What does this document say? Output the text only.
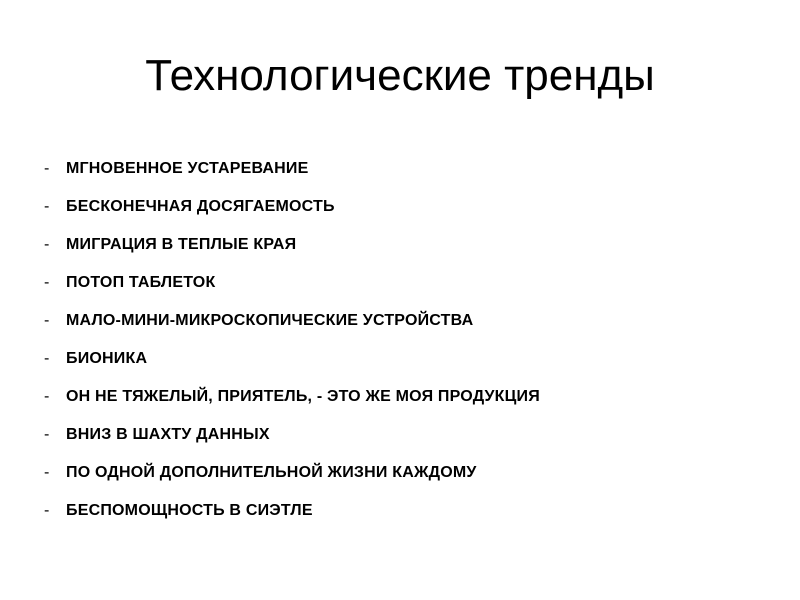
Технологические тренды
-	МГНОВЕННОЕ УСТАРЕВАНИЕ
-	БЕСКОНЕЧНАЯ ДОСЯГАЕМОСТЬ
-	МИГРАЦИЯ В ТЕПЛЫЕ КРАЯ
-	ПОТОП ТАБЛЕТОК
-	МАЛО-МИНИ-МИКРОСКОПИЧЕСКИЕ УСТРОЙСТВА
-	БИОНИКА
-	ОН НЕ ТЯЖЕЛЫЙ, ПРИЯТЕЛЬ, - ЭТО ЖЕ МОЯ ПРОДУКЦИЯ
-	ВНИЗ В ШАХТУ ДАННЫХ
-	ПО ОДНОЙ ДОПОЛНИТЕЛЬНОЙ ЖИЗНИ КАЖДОМУ
-	БЕСПОМОЩНОСТЬ В СИЭТЛЕ
